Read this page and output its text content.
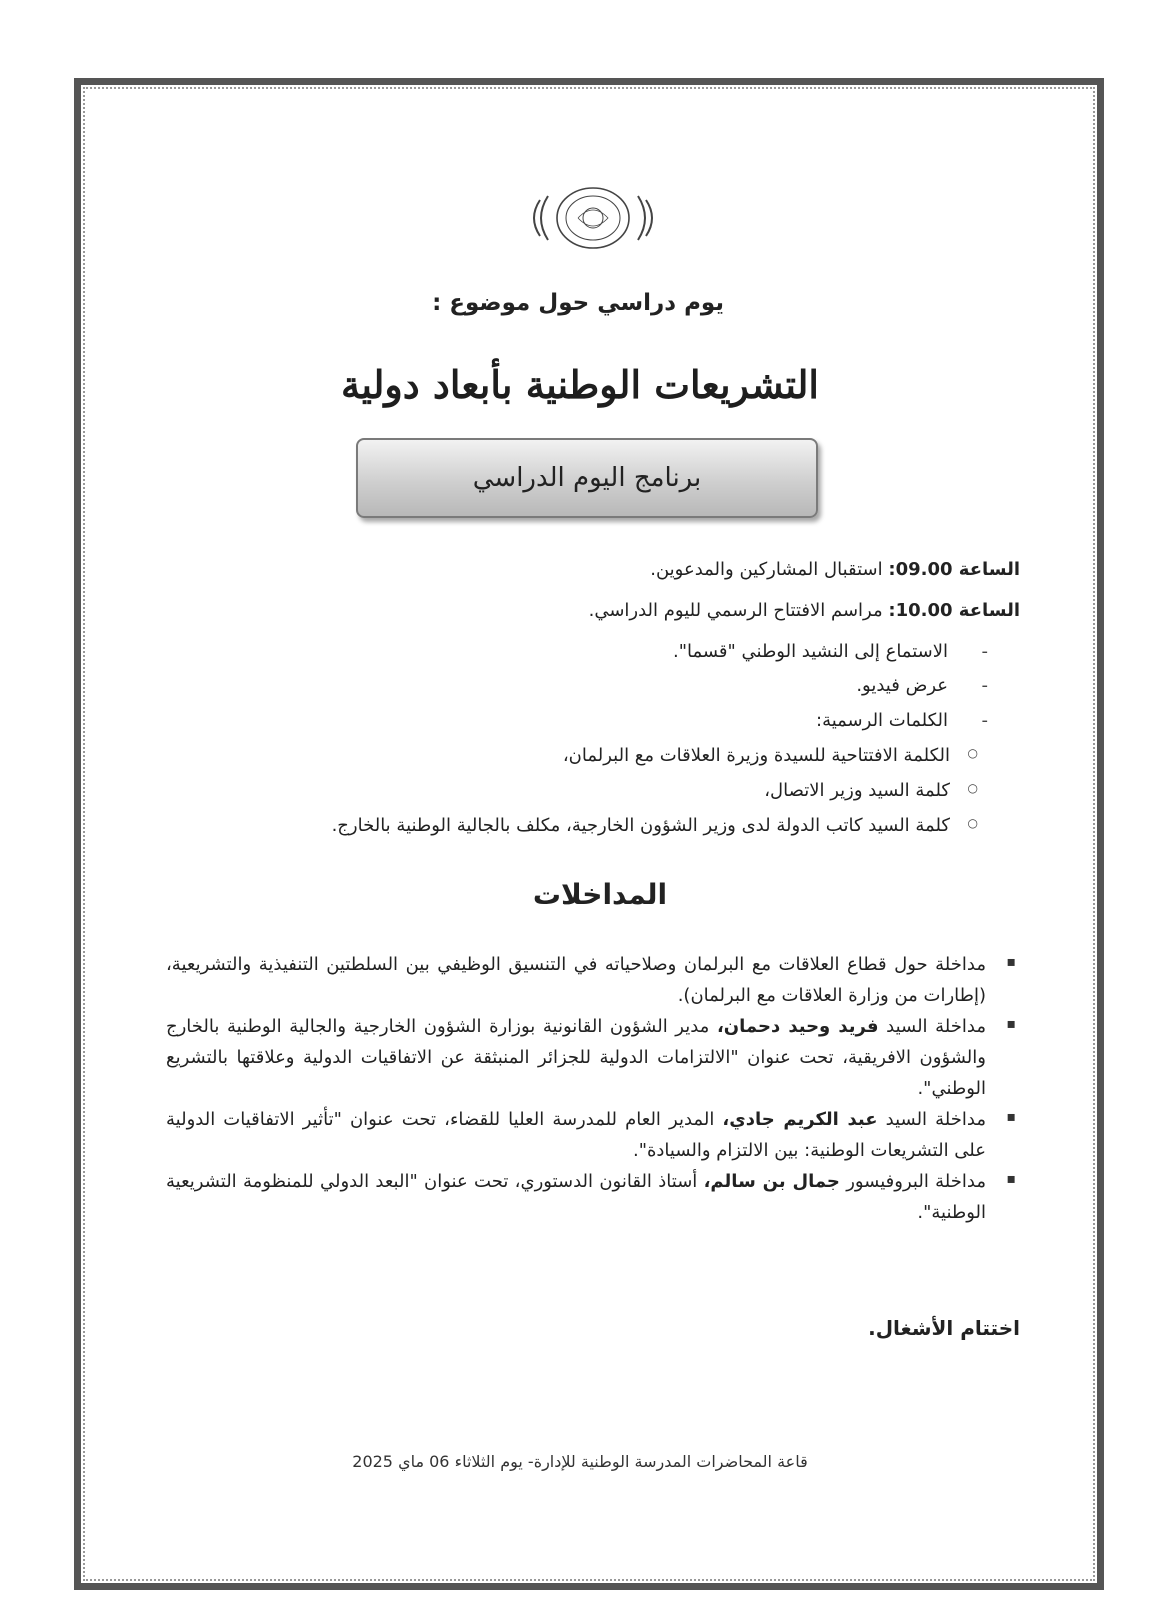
يوم دراسي حول موضوع :
التشريعات الوطنية بأبعاد دولية
برنامج اليوم الدراسي
الساعة 09.00: استقبال المشاركين والمدعوين.
الساعة 10.00: مراسم الافتتاح الرسمي لليوم الدراسي.
- الاستماع إلى النشيد الوطني "قسما".
- عرض فيديو.
- الكلمات الرسمية:
○ الكلمة الافتتاحية للسيدة وزيرة العلاقات مع البرلمان،
○ كلمة السيد وزير الاتصال،
○ كلمة السيد كاتب الدولة لدى وزير الشؤون الخارجية، مكلف بالجالية الوطنية بالخارج.
المداخلات
▪ مداخلة حول قطاع العلاقات مع البرلمان وصلاحياته في التنسيق الوظيفي بين السلطتين التنفيذية والتشريعية، (إطارات من وزارة العلاقات مع البرلمان).
▪ مداخلة السيد فريد وحيد دحمان، مدير الشؤون القانونية بوزارة الشؤون الخارجية والجالية الوطنية بالخارج والشؤون الافريقية، تحت عنوان "الالتزامات الدولية للجزائر المنبثقة عن الاتفاقيات الدولية وعلاقتها بالتشريع الوطني".
▪ مداخلة السيد عبد الكريم جادي، المدير العام للمدرسة العليا للقضاء، تحت عنوان "تأثير الاتفاقيات الدولية على التشريعات الوطنية: بين الالتزام والسيادة".
▪ مداخلة البروفيسور جمال بن سالم، أستاذ القانون الدستوري، تحت عنوان "البعد الدولي للمنظومة التشريعية الوطنية".
اختتام الأشغال.
قاعة المحاضرات المدرسة الوطنية للإدارة- يوم الثلاثاء 06 ماي 2025
